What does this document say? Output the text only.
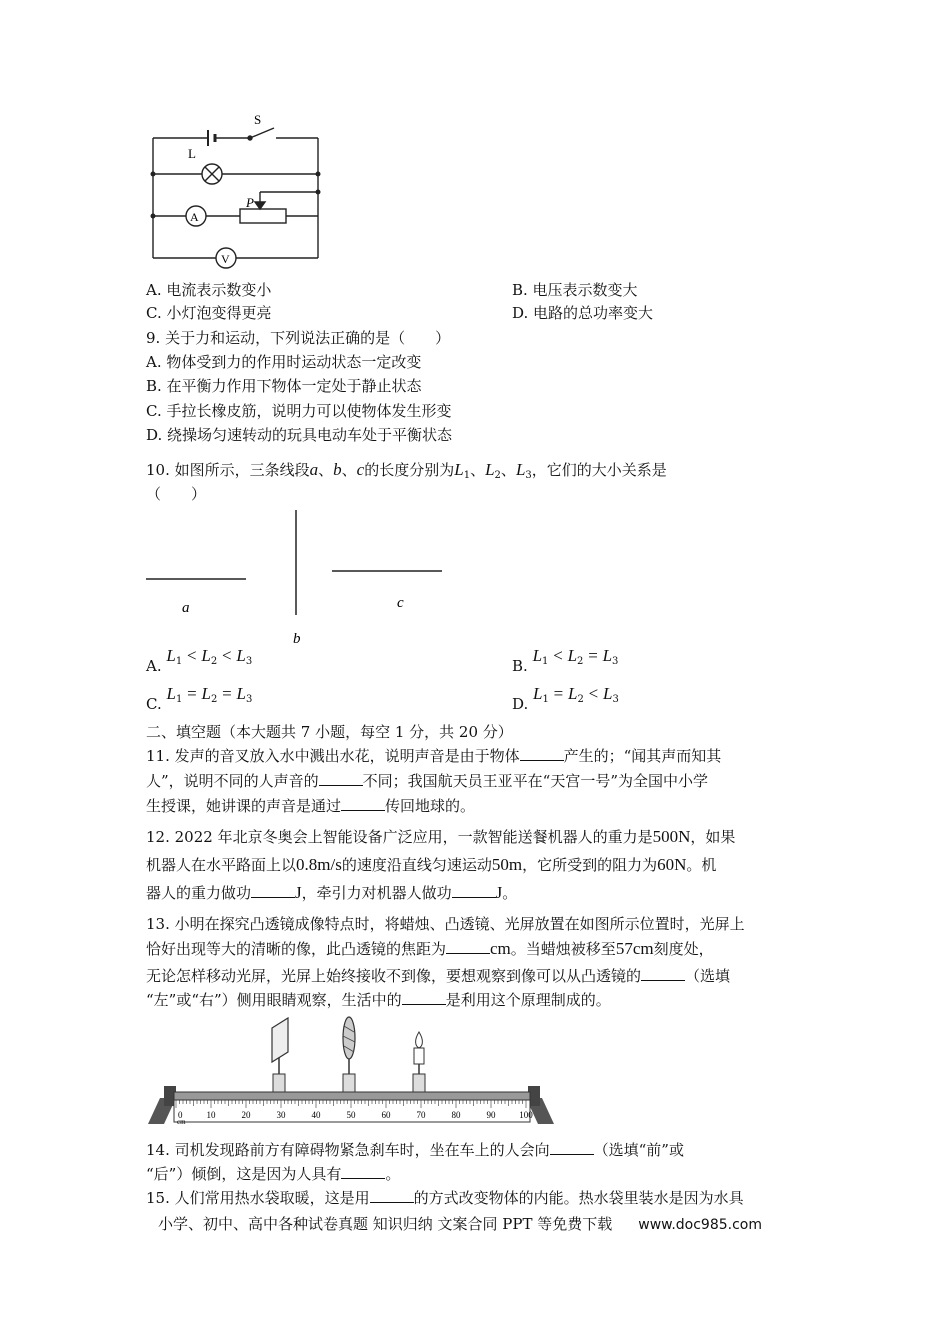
S
L
P
A
V
A. 电流表示数变小	B. 电压表示数变大
C. 小灯泡变得更亮	D. 电路的总功率变大
9. 关于力和运动，下列说法正确的是（　　）
A. 物体受到力的作用时运动状态一定改变
B. 在平衡力作用下物体一定处于静止状态
C. 手拉长橡皮筋，说明力可以使物体发生形变
D. 绕操场匀速转动的玩具电动车处于平衡状态
10. 如图所示，三条线段a、b、c的长度分别为$L_1$、$L_2$、$L_3$，它们的大小关系是
（　　）
a
b
c
A. $L_1 < L_2 < L_3$	B. $L_1 < L_2 = L_3$
C. $L_1 = L_2 = L_3$	D. $L_1 = L_2 < L_3$
二、填空题（本大题共 7 小题，每空 1 分，共 20 分）
11. 发声的音叉放入水中溅出水花，说明声音是由于物体	产生的；“闻其声而知其
人”，说明不同的人声音的	不同；我国航天员王亚平在“天宫一号”为全国中小学
生授课，她讲课的声音是通过	传回地球的。
12. 2022 年北京冬奥会上智能设备广泛应用，一款智能送餐机器人的重力是500N，如果
机器人在水平路面上以0.8m/s的速度沿直线匀速运动50m，它所受到的阻力为60N。机
器人的重力做功	J，牵引力对机器人做功	J。
13. 小明在探究凸透镜成像特点时，将蜡烛、凸透镜、光屏放置在如图所示位置时，光屏上
恰好出现等大的清晰的像，此凸透镜的焦距为	cm。当蜡烛被移至57cm刻度处，
无论怎样移动光屏，光屏上始终接收不到像，要想观察到像可以从凸透镜的	（选填
“左”或“右”）侧用眼睛观察，生活中的	是利用这个原理制成的。
0	10	20	30	40	50	60	70	80	90	100
cm
14. 司机发现路前方有障碍物紧急刹车时，坐在车上的人会向	（选填“前”或
“后”）倾倒，这是因为人具有	。
15. 人们常用热水袋取暖，这是用	的方式改变物体的内能。热水袋里装水是因为水具
小学、初中、高中各种试卷真题 知识归纳 文案合同 PPT 等免费下载 www.doc985.com
